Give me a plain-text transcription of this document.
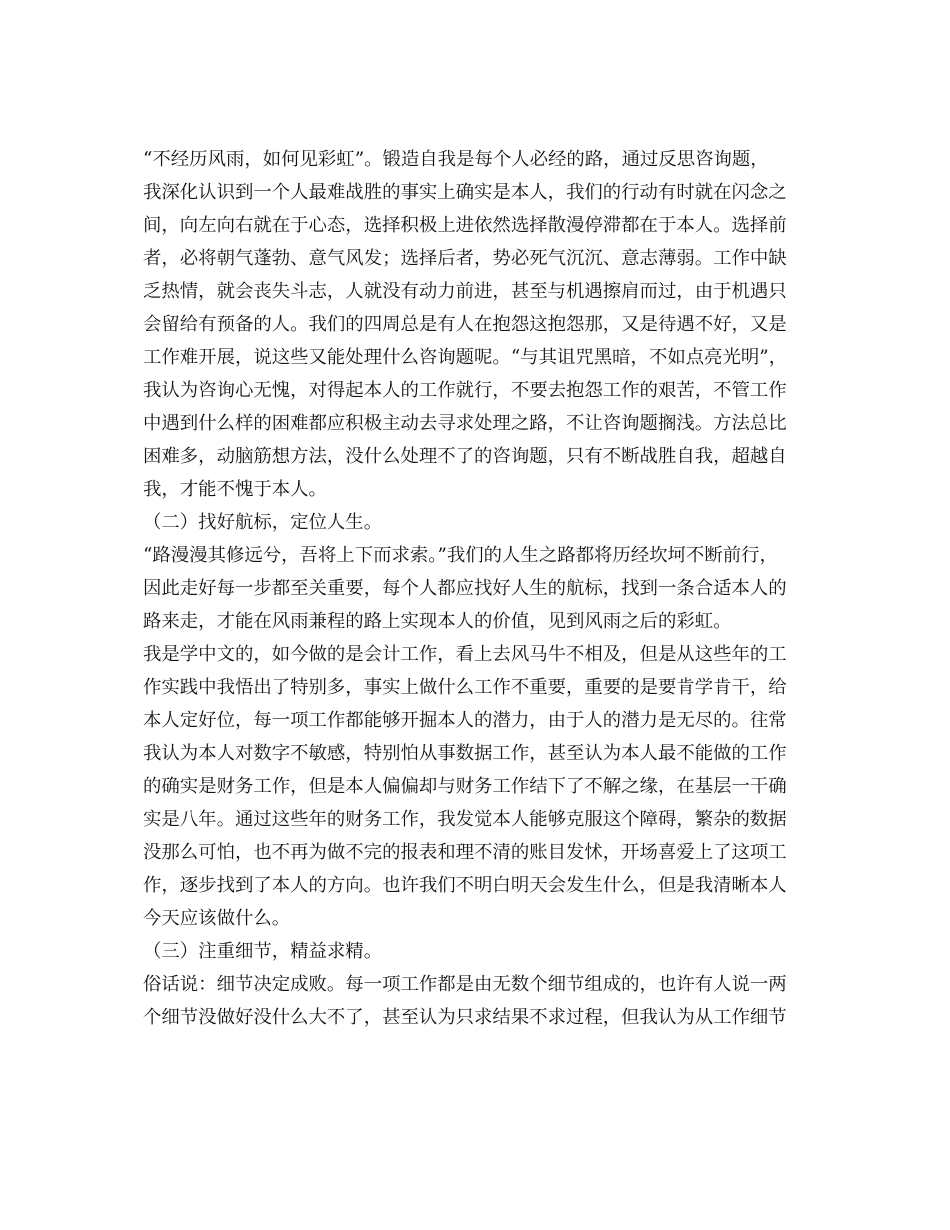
“不经历风雨，如何见彩虹”。锻造自我是每个人必经的路，通过反思咨询题，

我深化认识到一个人最难战胜的事实上确实是本人，我们的行动有时就在闪念之

间，向左向右就在于心态，选择积极上进依然选择散漫停滞都在于本人。选择前

者，必将朝气蓬勃、意气风发；选择后者，势必死气沉沉、意志薄弱。工作中缺

乏热情，就会丧失斗志，人就没有动力前进，甚至与机遇擦肩而过，由于机遇只

会留给有预备的人。我们的四周总是有人在抱怨这抱怨那，又是待遇不好，又是

工作难开展，说这些又能处理什么咨询题呢。“与其诅咒黑暗，不如点亮光明”，

我认为咨询心无愧，对得起本人的工作就行，不要去抱怨工作的艰苦，不管工作

中遇到什么样的困难都应积极主动去寻求处理之路，不让咨询题搁浅。方法总比

困难多，动脑筋想方法，没什么处理不了的咨询题，只有不断战胜自我，超越自

我，才能不愧于本人。

（二）找好航标，定位人生。

“路漫漫其修远兮，吾将上下而求索。”我们的人生之路都将历经坎坷不断前行，

因此走好每一步都至关重要，每个人都应找好人生的航标，找到一条合适本人的

路来走，才能在风雨兼程的路上实现本人的价值，见到风雨之后的彩虹。

我是学中文的，如今做的是会计工作，看上去风马牛不相及，但是从这些年的工

作实践中我悟出了特别多，事实上做什么工作不重要，重要的是要肯学肯干，给

本人定好位，每一项工作都能够开掘本人的潜力，由于人的潜力是无尽的。往常

我认为本人对数字不敏感，特别怕从事数据工作，甚至认为本人最不能做的工作

的确实是财务工作，但是本人偏偏却与财务工作结下了不解之缘，在基层一干确

实是八年。通过这些年的财务工作，我发觉本人能够克服这个障碍，繁杂的数据

没那么可怕，也不再为做不完的报表和理不清的账目发怵，开场喜爱上了这项工

作，逐步找到了本人的方向。也许我们不明白明天会发生什么，但是我清晰本人

今天应该做什么。

（三）注重细节，精益求精。

俗话说：细节决定成败。每一项工作都是由无数个细节组成的，也许有人说一两

个细节没做好没什么大不了，甚至认为只求结果不求过程，但我认为从工作细节
